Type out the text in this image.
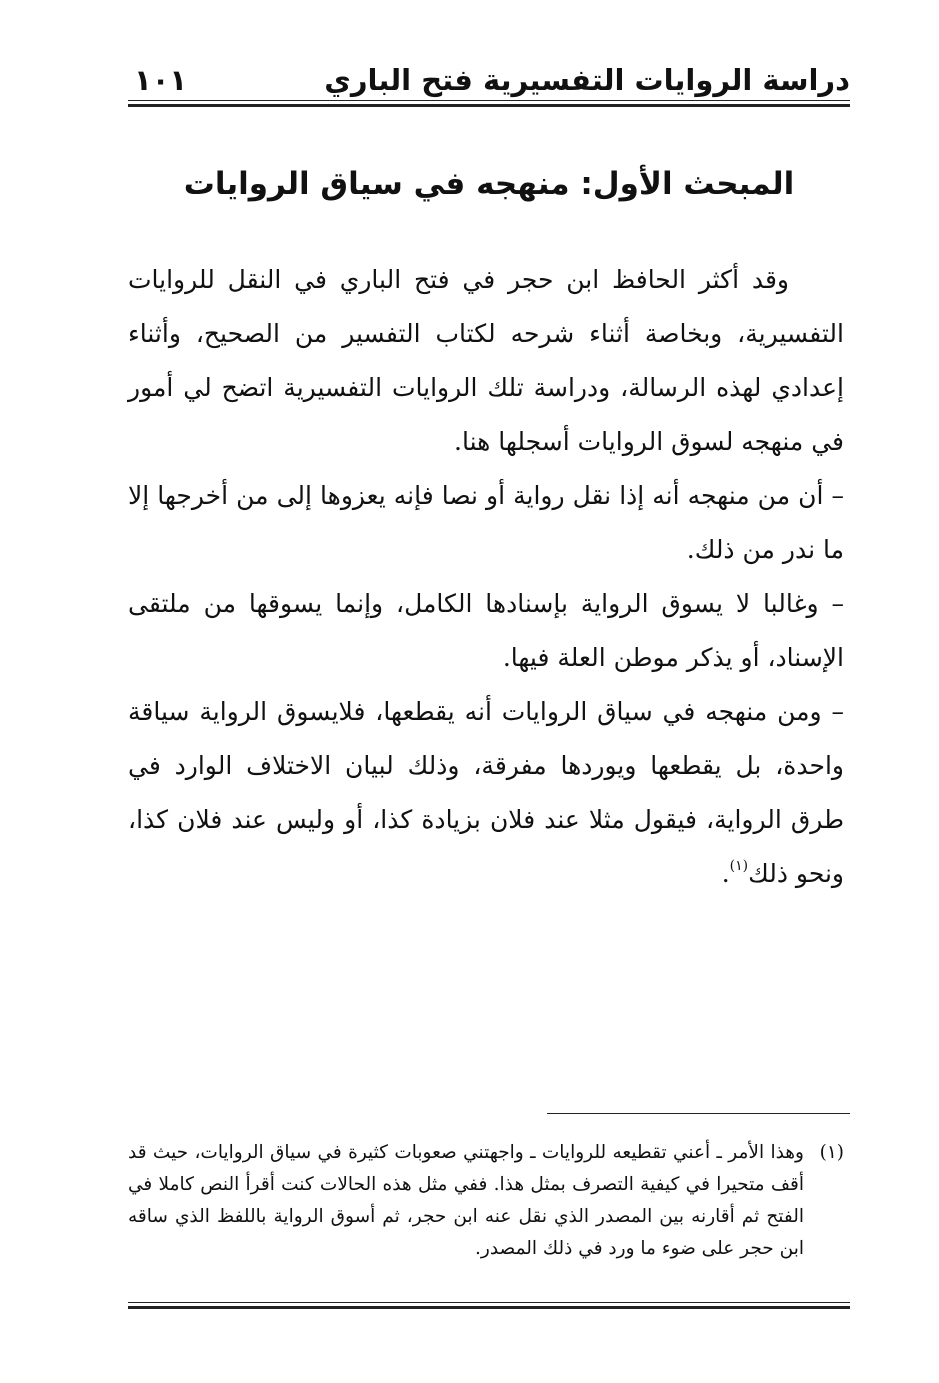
دراسة الروايات التفسيرية فتح الباري
١٠١
المبحث الأول: منهجه في سياق الروايات

وقد أكثر الحافظ ابن حجر في فتح الباري في النقل للروايات التفسيرية، وبخاصة أثناء شرحه لكتاب التفسير من الصحيح، وأثناء إعدادي لهذه الرسالة، ودراسة تلك الروايات التفسيرية اتضح لي أمور في منهجه لسوق الروايات أسجلها هنا.

– أن من منهجه أنه إذا نقل رواية أو نصا فإنه يعزوها إلى من أخرجها إلا ما ندر من ذلك.

– وغالبا لا يسوق الرواية بإسنادها الكامل، وإنما يسوقها من ملتقى الإسناد، أو يذكر موطن العلة فيها.

– ومن منهجه في سياق الروايات أنه يقطعها، فلايسوق الرواية سياقة واحدة، بل يقطعها ويوردها مفرقة، وذلك لبيان الاختلاف الوارد في طرق الرواية، فيقول مثلا عند فلان بزيادة كذا، أو وليس عند فلان كذا، ونحو ذلك$^{(١)}$.

(١)
وهذا الأمر ـ أعني تقطيعه للروايات ـ واجهتني صعوبات كثيرة في سياق الروايات، حيث قد أقف متحيرا في كيفية التصرف بمثل هذا. ففي مثل هذه الحالات كنت أقرأ النص كاملا في الفتح ثم أقارنه بين المصدر الذي نقل عنه ابن حجر، ثم أسوق الرواية باللفظ الذي ساقه ابن حجر على ضوء ما ورد في ذلك المصدر.
